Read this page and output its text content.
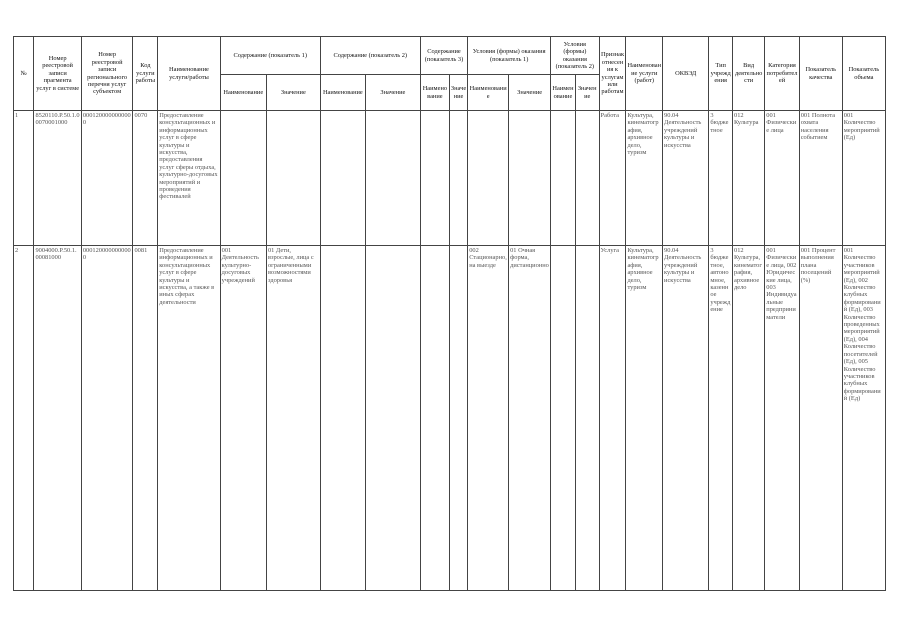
№	Номер реестровой записи прагмента услуг в системе	Номер реестровой записи регионального перечня услуг субъектом	Код услуги работы	Наименование услуги/работы	Содержание (показатель 1)		Содержание (показатель 2)		Содержание (показатель 3)		Условия (формы) оказания (показатель 1)		Условия (формы) оказания (показатель 2)		Признак отнесения к услугам или работам	Наименование услуги (работ)	ОКВЭД	Тип учреждения	Вид деятельности	Категория потребителей	Показатель качества	Показатель объема
					Наименование	Значение	Наименование	Значение	Наименование	Значение	Наименование	Значение	Наименование	Значение								
1	8520110.P.50.1.00070001000	0001200000000000	0070	Предоставление консультационных и информационных услуг в сфере культуры и искусства, предоставления услуг сферы отдыха, культурно-досуговых мероприятий и проведения фестивалей											Работа	Культура, кинематография, архивное дело, туризм	90.04 Деятельность учреждений культуры и искусства	3 бюджетное	012 Культура	001 Физические лица	001 Полнота охвата населения событием	001 Количество мероприятий (Ед)
2	9004000.P.50.1.00081000	0001200000000000	0081	Предоставление информационных и консультационных услуг в сфере культуры и искусства, а также в иных сферах деятельности	001 Деятельность культурно-досуговых учреждений	01 Дети, взрослые, лица с ограниченными возможностями здоровья					002 Стационарно, на выезде	01 Очная форма, дистанционно			Услуга	Культура, кинематография, архивное дело, туризм	90.04 Деятельность учреждений культуры и искусства	3 бюджетное, автономное, казенное учреждение	012 Культура, кинематография, архивное дело	001 Физические лица, 002 Юридические лица, 003 Индивидуальные предприниматели	001 Процент выполнения плана посещений (%)	001 Количество участников мероприятий (Ед), 002 Количество клубных формирований (Ед), 003 Количество проведенных мероприятий (Ед), 004 Количество посетителей (Ед), 005 Количество участников клубных формирований (Ед)
